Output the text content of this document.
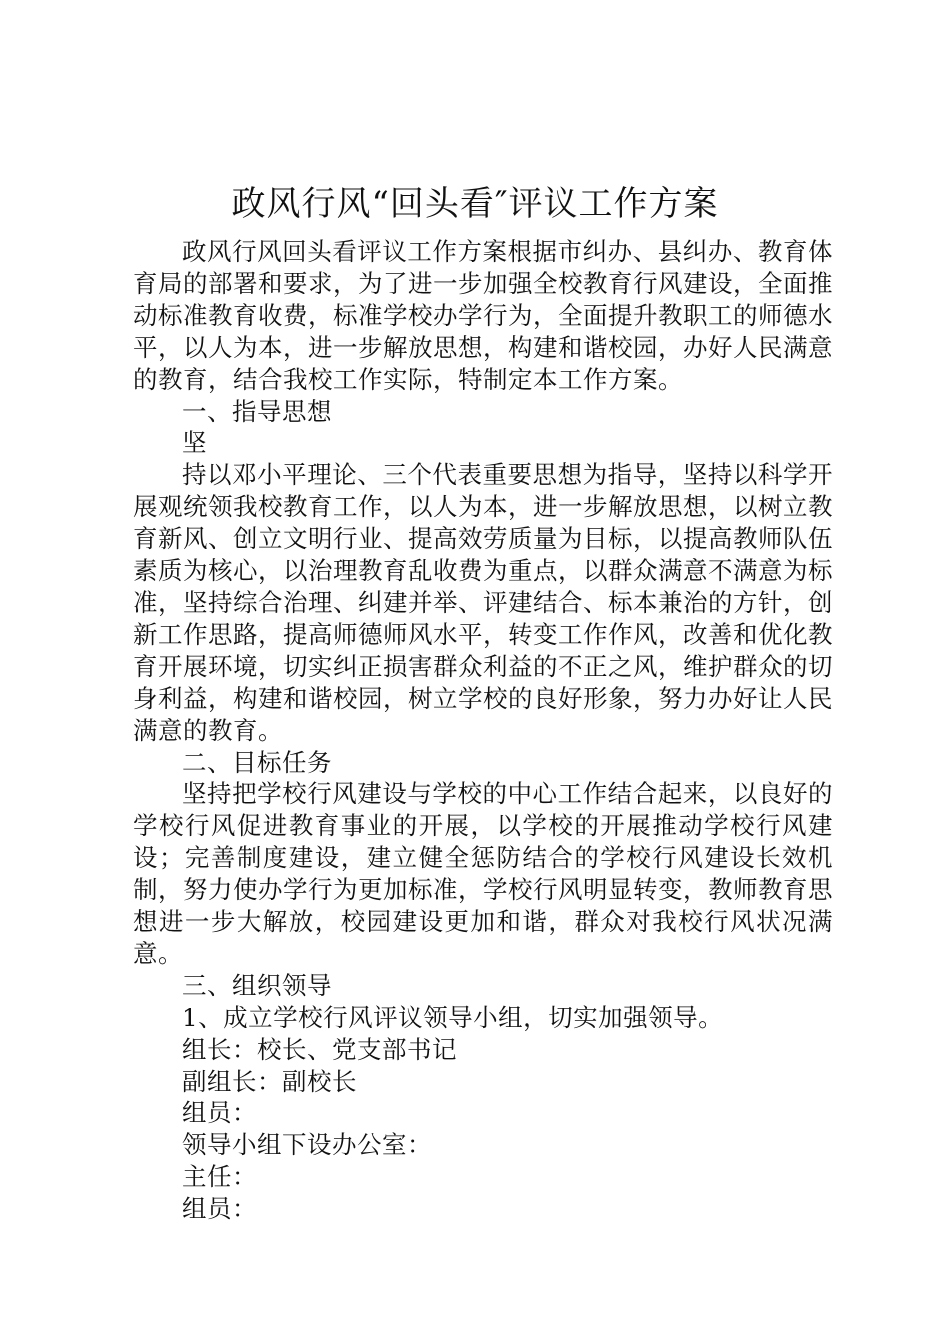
政风行风“回头看″评议工作方案

政风行风回头看评议工作方案根据市纠办、县纠办、教育体育局的部署和要求，为了进一步加强全校教育行风建设，全面推动标准教育收费，标准学校办学行为，全面提升教职工的师德水平，以人为本，进一步解放思想，构建和谐校园，办好人民满意的教育，结合我校工作实际，特制定本工作方案。

一、指导思想

坚

持以邓小平理论、三个代表重要思想为指导，坚持以科学开展观统领我校教育工作，以人为本，进一步解放思想，以树立教育新风、创立文明行业、提高效劳质量为目标，以提高教师队伍素质为核心，以治理教育乱收费为重点，以群众满意不满意为标准，坚持综合治理、纠建并举、评建结合、标本兼治的方针，创新工作思路，提高师德师风水平，转变工作作风，改善和优化教育开展环境，切实纠正损害群众利益的不正之风，维护群众的切身利益，构建和谐校园，树立学校的良好形象，努力办好让人民满意的教育。

二、目标任务

坚持把学校行风建设与学校的中心工作结合起来，以良好的学校行风促进教育事业的开展，以学校的开展推动学校行风建设；完善制度建设，建立健全惩防结合的学校行风建设长效机制，努力使办学行为更加标准，学校行风明显转变，教师教育思想进一步大解放，校园建设更加和谐，群众对我校行风状况满意。

三、组织领导

1、成立学校行风评议领导小组，切实加强领导。

组长：校长、党支部书记

副组长：副校长

组员：

领导小组下设办公室：

主任：

组员：
